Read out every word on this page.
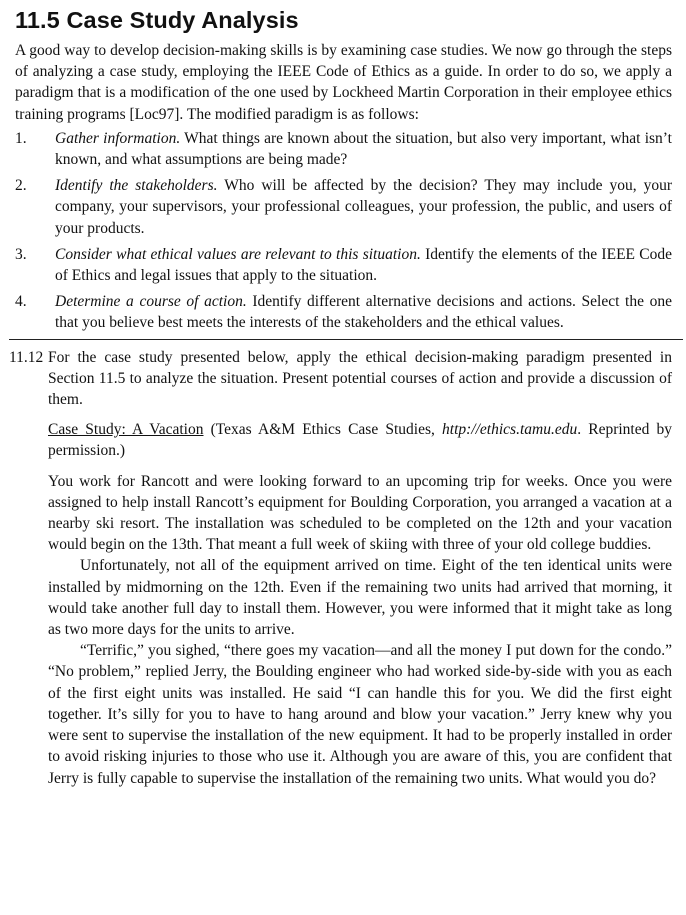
11.5 Case Study Analysis

A good way to develop decision-making skills is by examining case studies. We now go through the steps of analyzing a case study, employing the IEEE Code of Ethics as a guide. In order to do so, we apply a paradigm that is a modification of the one used by Lockheed Martin Corporation in their employee ethics training programs [Loc97]. The modified paradigm is as follows:

1.	Gather information. What things are known about the situation, but also very important, what isn’t known, and what assumptions are being made?
2.	Identify the stakeholders. Who will be affected by the decision? They may include you, your company, your supervisors, your professional colleagues, your profession, the public, and users of your products.
3.	Consider what ethical values are relevant to this situation. Identify the elements of the IEEE Code of Ethics and legal issues that apply to the situation.
4.	Determine a course of action. Identify different alternative decisions and actions. Select the one that you believe best meets the interests of the stakeholders and the ethical values.
11.12 For the case study presented below, apply the ethical decision-making paradigm presented in Section 11.5 to analyze the situation. Present potential courses of action and provide a discussion of them.

Case Study: A Vacation (Texas A&M Ethics Case Studies, http://ethics.tamu.edu. Reprinted by permission.)

You work for Rancott and were looking forward to an upcoming trip for weeks. Once you were assigned to help install Rancott’s equipment for Boulding Corporation, you arranged a vacation at a nearby ski resort. The installation was scheduled to be completed on the 12th and your vacation would begin on the 13th. That meant a full week of skiing with three of your old college buddies.

Unfortunately, not all of the equipment arrived on time. Eight of the ten identical units were installed by midmorning on the 12th. Even if the remaining two units had arrived that morning, it would take another full day to install them. However, you were informed that it might take as long as two more days for the units to arrive.

“Terrific,” you sighed, “there goes my vacation—and all the money I put down for the condo.” “No problem,” replied Jerry, the Boulding engineer who had worked side-by-side with you as each of the first eight units was installed. He said “I can handle this for you. We did the first eight together. It’s silly for you to have to hang around and blow your vacation.” Jerry knew why you were sent to supervise the installation of the new equipment. It had to be properly installed in order to avoid risking injuries to those who use it. Although you are aware of this, you are confident that Jerry is fully capable to supervise the installation of the remaining two units. What would you do?
